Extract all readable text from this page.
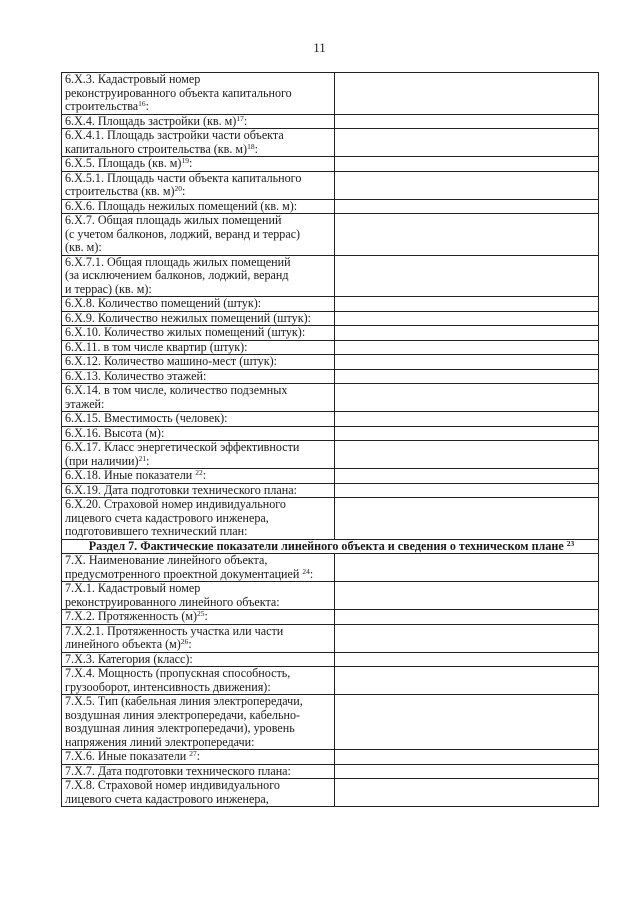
11
6.Х.3. Кадастровый номер
реконструированного объекта капитального
строительства$^{16}$:	
6.Х.4. Площадь застройки (кв. м)$^{17}$:	
6.Х.4.1. Площадь застройки части объекта
капитального строительства (кв. м)$^{18}$:	
6.Х.5. Площадь (кв. м)$^{19}$:	
6.Х.5.1. Площадь части объекта капитального
строительства (кв. м)$^{20}$:	
6.Х.6. Площадь нежилых помещений (кв. м):	
6.Х.7. Общая площадь жилых помещений
(с учетом балконов, лоджий, веранд и террас)
(кв. м):	
6.Х.7.1. Общая площадь жилых помещений
(за исключением балконов, лоджий, веранд
и террас) (кв. м):	
6.Х.8. Количество помещений (штук):	
6.Х.9. Количество нежилых помещений (штук):	
6.Х.10. Количество жилых помещений (штук):	
6.Х.11. в том числе квартир (штук):	
6.Х.12. Количество машино-мест (штук):	
6.Х.13. Количество этажей:	
6.Х.14. в том числе, количество подземных
этажей:	
6.Х.15. Вместимость (человек):	
6.Х.16. Высота (м):	
6.Х.17. Класс энергетической эффективности
(при наличии)$^{21}$:	
6.Х.18. Иные показатели $^{22}$:	
6.Х.19. Дата подготовки технического плана:	
6.Х.20. Страховой номер индивидуального
лицевого счета кадастрового инженера,
подготовившего технический план:	
Раздел 7. Фактические показатели линейного объекта и сведения о техническом плане $^{23}$
7.Х. Наименование линейного объекта,
предусмотренного проектной документацией $^{24}$:	
7.Х.1. Кадастровый номер
реконструированного линейного объекта:	
7.Х.2. Протяженность $(м)^{25}$:	
7.Х.2.1. Протяженность участка или части
линейного объекта $(м)^{26}$:	
7.Х.3. Категория (класс):	
7.Х.4. Мощность (пропускная способность,
грузооборот, интенсивность движения):	
7.Х.5. Тип (кабельная линия электропередачи,
воздушная линия электропередачи, кабельно-
воздушная линия электропередачи), уровень
напряжения линий электропередачи:	
7.Х.6. Иные показатели $^{27}$:	
7.Х.7. Дата подготовки технического плана:	
7.Х.8. Страховой номер индивидуального
лицевого счета кадастрового инженера,	
